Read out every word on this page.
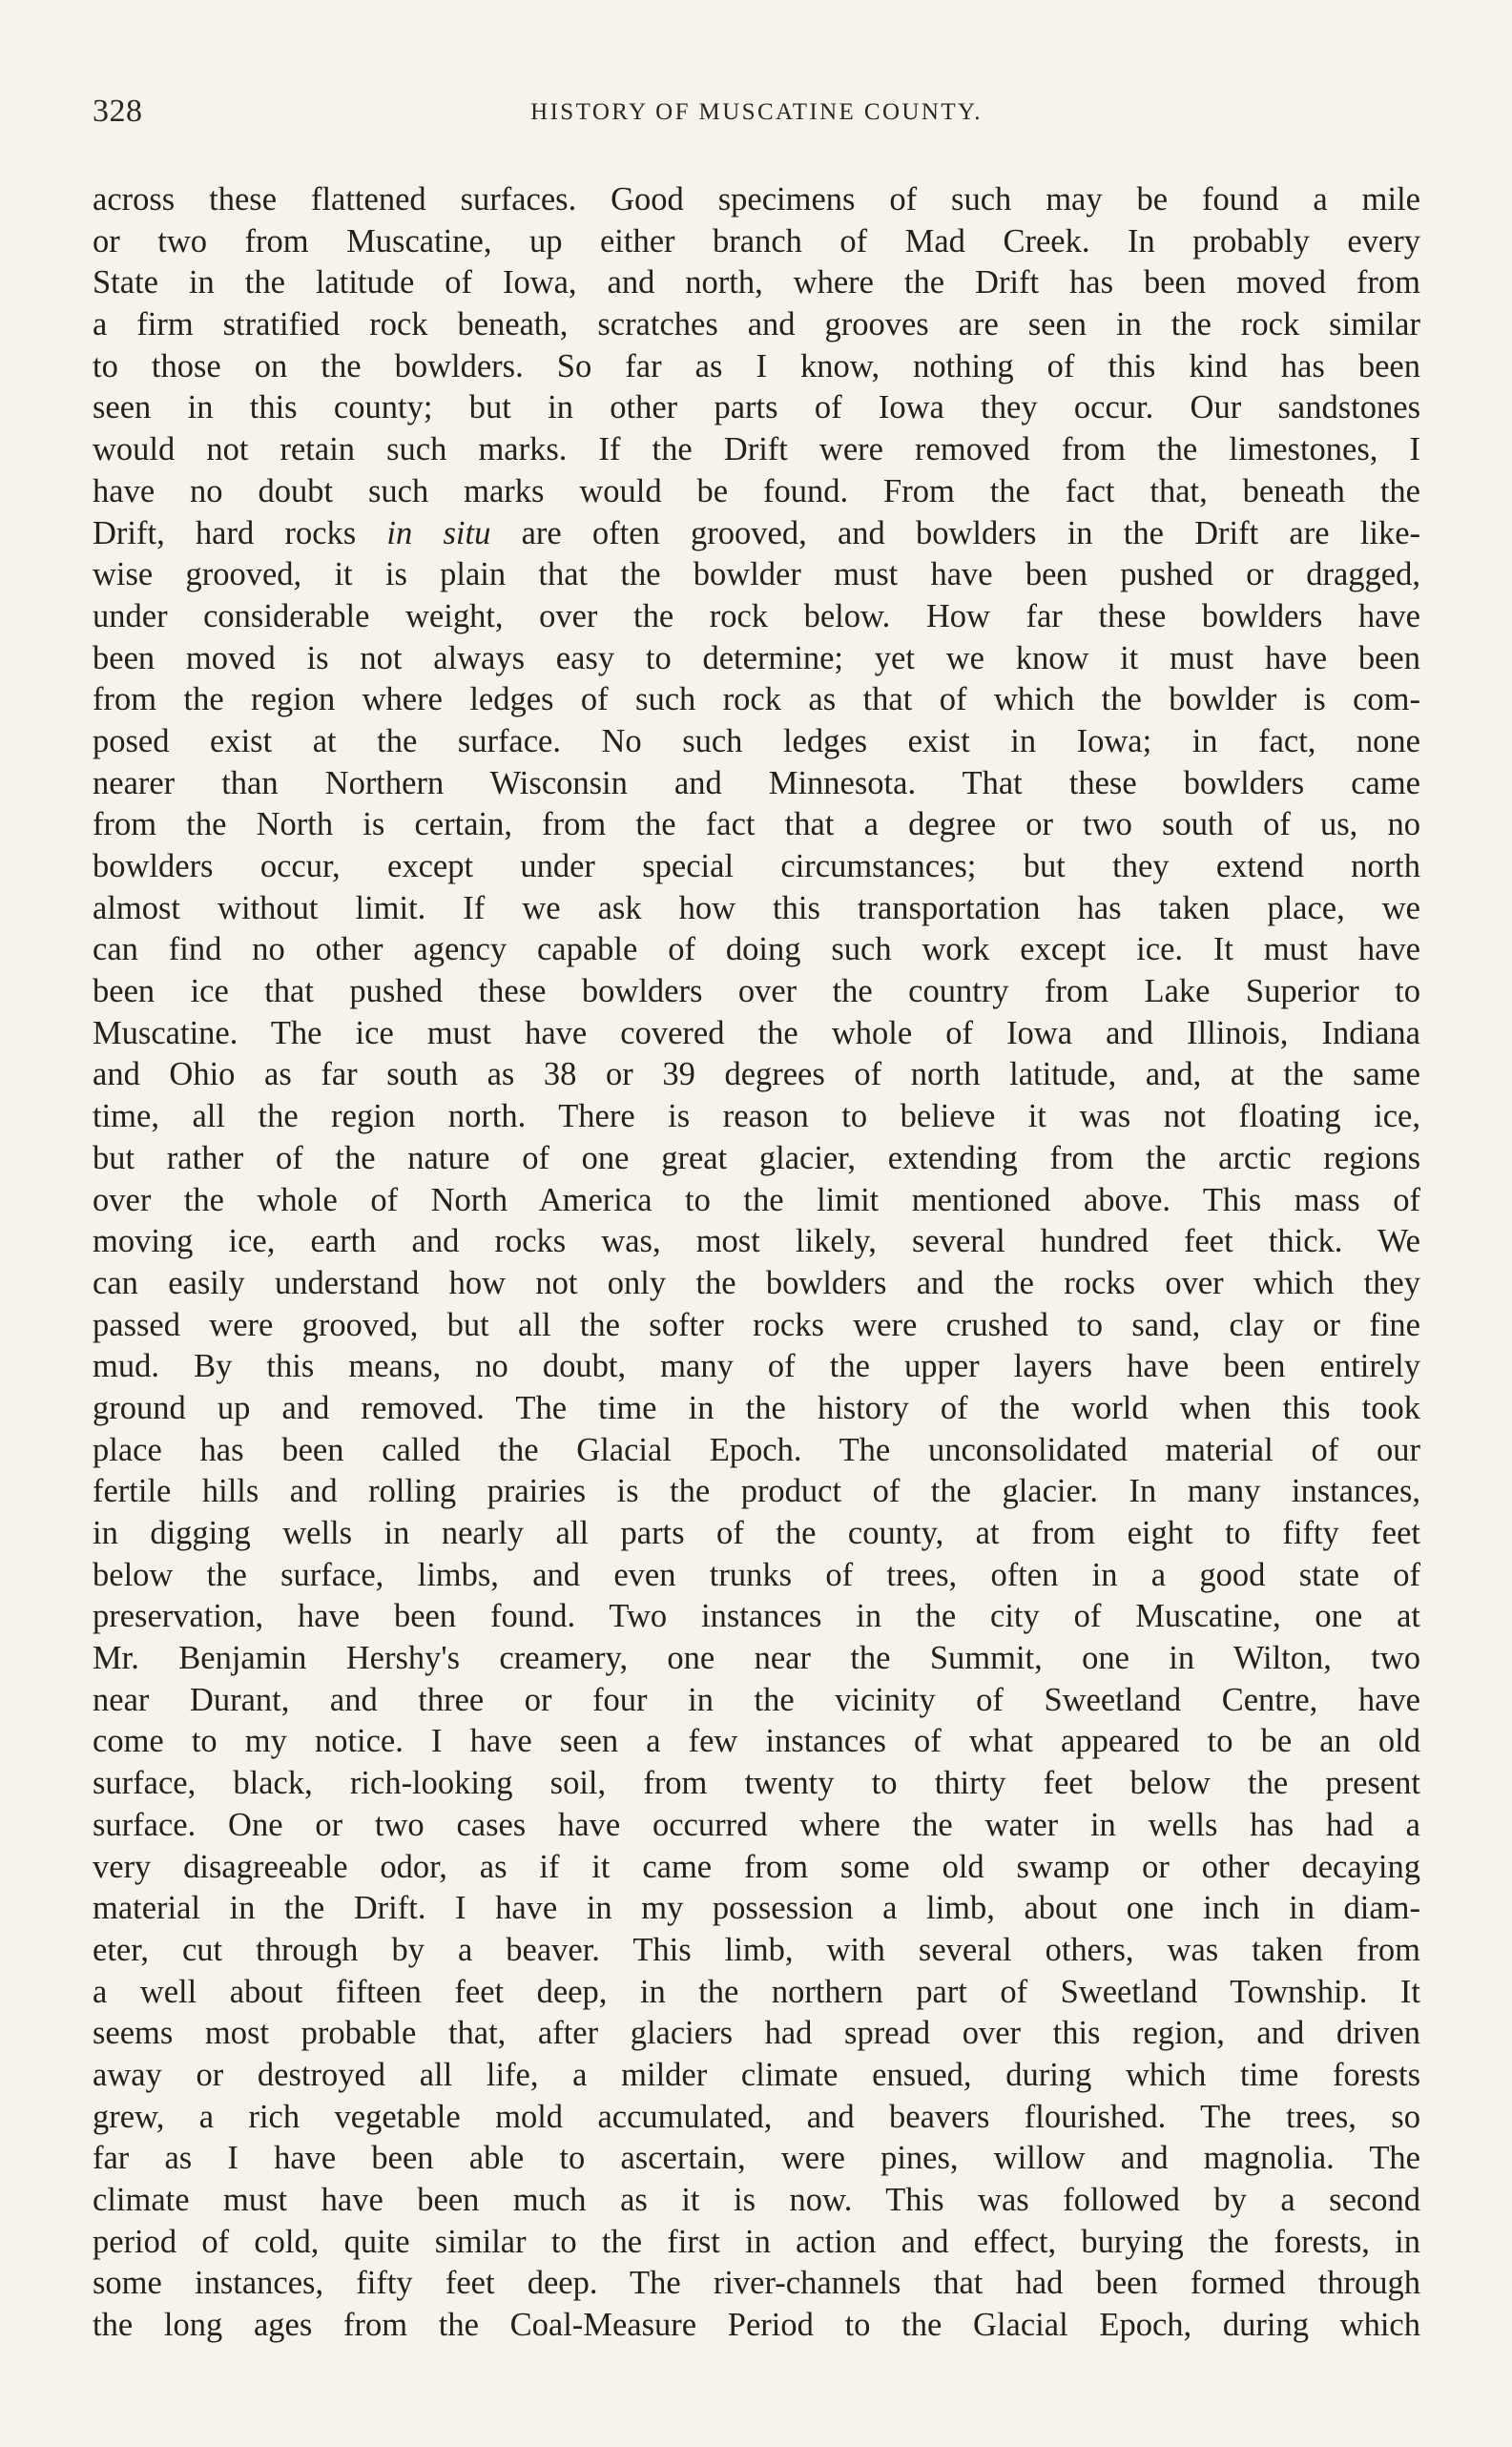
328	HISTORY OF MUSCATINE COUNTY.
across these flattened surfaces. Good specimens of such may be found a mile
or two from Muscatine, up either branch of Mad Creek. In probably every
State in the latitude of Iowa, and north, where the Drift has been moved from
a firm stratified rock beneath, scratches and grooves are seen in the rock similar
to those on the bowlders. So far as I know, nothing of this kind has been
seen in this county; but in other parts of Iowa they occur. Our sandstones
would not retain such marks. If the Drift were removed from the limestones, I
have no doubt such marks would be found. From the fact that, beneath the
Drift, hard rocks in situ are often grooved, and bowlders in the Drift are like-
wise grooved, it is plain that the bowlder must have been pushed or dragged,
under considerable weight, over the rock below. How far these bowlders have
been moved is not always easy to determine; yet we know it must have been
from the region where ledges of such rock as that of which the bowlder is com-
posed exist at the surface. No such ledges exist in Iowa; in fact, none
nearer than Northern Wisconsin and Minnesota. That these bowlders came
from the North is certain, from the fact that a degree or two south of us, no
bowlders occur, except under special circumstances; but they extend north
almost without limit. If we ask how this transportation has taken place, we
can find no other agency capable of doing such work except ice. It must have
been ice that pushed these bowlders over the country from Lake Superior to
Muscatine. The ice must have covered the whole of Iowa and Illinois, Indiana
and Ohio as far south as 38 or 39 degrees of north latitude, and, at the same
time, all the region north. There is reason to believe it was not floating ice,
but rather of the nature of one great glacier, extending from the arctic regions
over the whole of North America to the limit mentioned above. This mass of
moving ice, earth and rocks was, most likely, several hundred feet thick. We
can easily understand how not only the bowlders and the rocks over which they
passed were grooved, but all the softer rocks were crushed to sand, clay or fine
mud. By this means, no doubt, many of the upper layers have been entirely
ground up and removed. The time in the history of the world when this took
place has been called the Glacial Epoch. The unconsolidated material of our
fertile hills and rolling prairies is the product of the glacier. In many instances,
in digging wells in nearly all parts of the county, at from eight to fifty feet
below the surface, limbs, and even trunks of trees, often in a good state of
preservation, have been found. Two instances in the city of Muscatine, one at
Mr. Benjamin Hershy's creamery, one near the Summit, one in Wilton, two
near Durant, and three or four in the vicinity of Sweetland Centre, have
come to my notice. I have seen a few instances of what appeared to be an old
surface, black, rich-looking soil, from twenty to thirty feet below the present
surface. One or two cases have occurred where the water in wells has had a
very disagreeable odor, as if it came from some old swamp or other decaying
material in the Drift. I have in my possession a limb, about one inch in diam-
eter, cut through by a beaver. This limb, with several others, was taken from
a well about fifteen feet deep, in the northern part of Sweetland Township. It
seems most probable that, after glaciers had spread over this region, and driven
away or destroyed all life, a milder climate ensued, during which time forests
grew, a rich vegetable mold accumulated, and beavers flourished. The trees, so
far as I have been able to ascertain, were pines, willow and magnolia. The
climate must have been much as it is now. This was followed by a second
period of cold, quite similar to the first in action and effect, burying the forests, in
some instances, fifty feet deep. The river-channels that had been formed through
the long ages from the Coal-Measure Period to the Glacial Epoch, during which
